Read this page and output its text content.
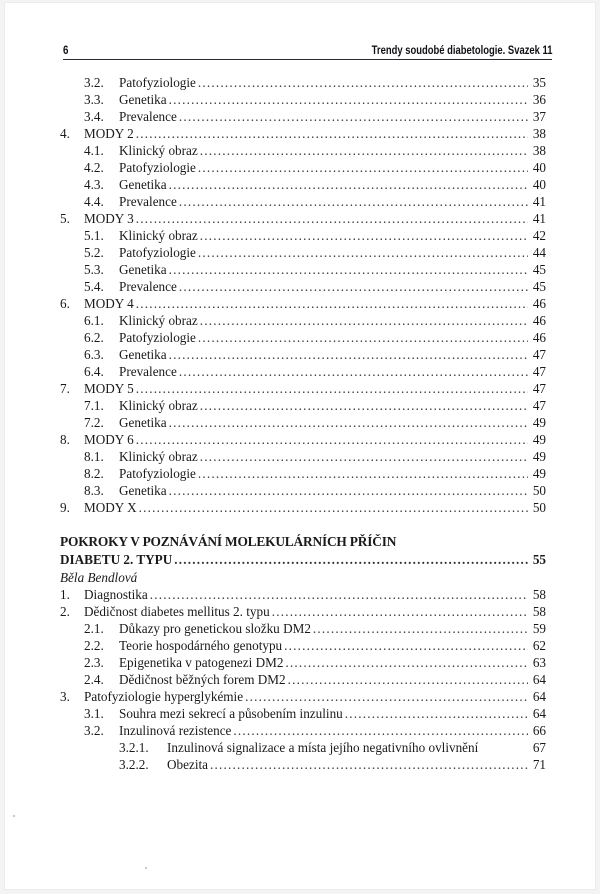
6	Trendy soudobé diabetologie. Svazek 11
3.2. Patofyziologie .....	35
3.3. Genetika .....	36
3.4. Prevalence .....	37
4. MODY 2 .....	38
4.1. Klinický obraz .....	38
4.2. Patofyziologie .....	40
4.3. Genetika .....	40
4.4. Prevalence .....	41
5. MODY 3 .....	41
5.1. Klinický obraz .....	42
5.2. Patofyziologie .....	44
5.3. Genetika .....	45
5.4. Prevalence .....	45
6. MODY 4 .....	46
6.1. Klinický obraz .....	46
6.2. Patofyziologie .....	46
6.3. Genetika .....	47
6.4. Prevalence .....	47
7. MODY 5 .....	47
7.1. Klinický obraz .....	47
7.2. Genetika .....	49
8. MODY 6 .....	49
8.1. Klinický obraz .....	49
8.2. Patofyziologie .....	49
8.3. Genetika .....	50
9. MODY X .....	50
POKROKY V POZNÁVÁNÍ MOLEKULÁRNÍCH PŘÍČIN
DIABETU 2. TYPU .....	55
Běla Bendlová
1. Diagnostika .....	58
2. Dědičnost diabetes mellitus 2. typu .....	58
2.1. Důkazy pro genetickou složku DM2 .....	59
2.2. Teorie hospodárného genotypu .....	62
2.3. Epigenetika v patogenezi DM2 .....	63
2.4. Dědičnost běžných forem DM2 .....	64
3. Patofyziologie hyperglykémie .....	64
3.1. Souhra mezi sekrecí a působením inzulinu .....	64
3.2. Inzulinová rezistence .....	66
3.2.1. Inzulinová signalizace a místa jejího negativního ovlivnění	67
3.2.2. Obezita .....	71
